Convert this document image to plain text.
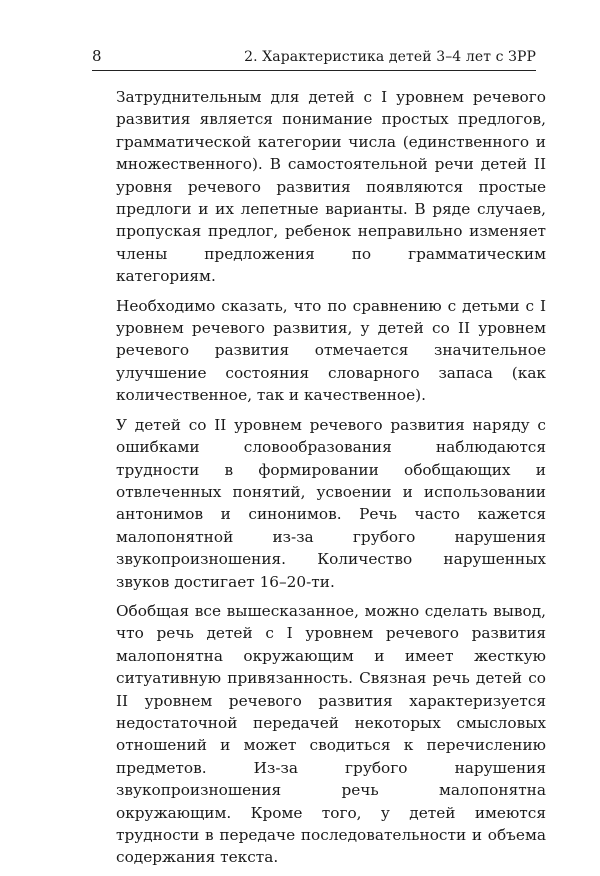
8	2. Характеристика детей 3–4 лет с ЗРР

Затруднительным для детей с I уровнем речевого развития является понимание простых предлогов, грамматической категории числа (единственного и множественного). В самостоятельной речи детей II уровня речевого развития появляются простые предлоги и их лепетные варианты. В ряде случаев, пропуская предлог, ребенок неправильно изменяет члены предложения по грамматическим категориям.

Необходимо сказать, что по сравнению с детьми с I уровнем речевого развития, у детей со II уровнем речевого развития отмечается значительное улучшение состояния словарного запаса (как количественное, так и качественное).

У детей со II уровнем речевого развития наряду с ошибками словообразования наблюдаются трудности в формировании обобщающих и отвлеченных понятий, усвоении и использовании антонимов и синонимов. Речь часто кажется малопонятной из-за грубого нарушения звукопроизношения. Количество нарушенных звуков достигает 16–20-ти.

Обобщая все вышесказанное, можно сделать вывод, что речь детей с I уровнем речевого развития малопонятна окружающим и имеет жесткую ситуативную привязанность. Связная речь детей со II уровнем речевого развития характеризуется недостаточной передачей некоторых смысловых отношений и может сводиться к перечислению предметов. Из-за грубого нарушения звукопроизношения речь малопонятна окружающим. Кроме того, у детей имеются трудности в передаче последовательности и объема содержания текста.
